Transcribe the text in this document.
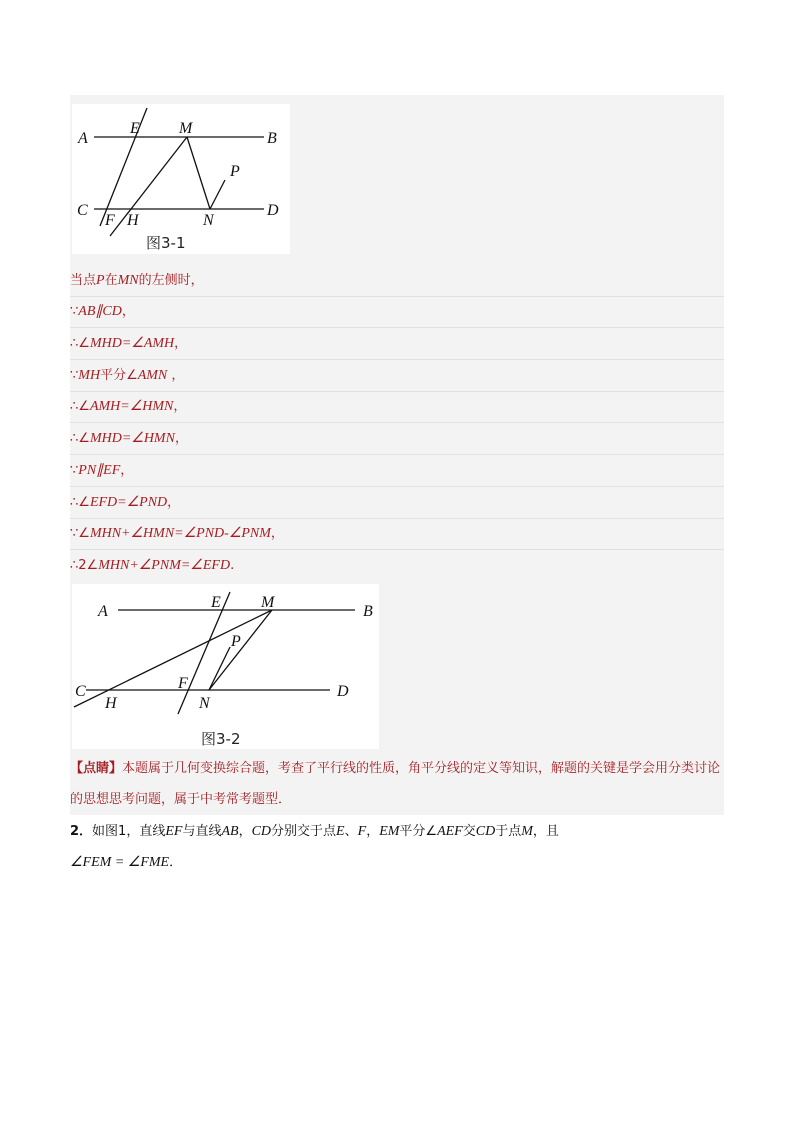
A
E M
B
P
C
F H	N
D
图3-1
当点P在MN的左侧时，
∵AB∥CD，
∴∠MHD=∠AMH，
∵MH平分∠AMN ，
∴∠AMH=∠HMN，
∴∠MHD=∠HMN，
∵PN∥EF，
∴∠EFD=∠PND，
∵∠MHN+∠HMN=∠PND-∠PNM，
∴2∠MHN+∠PNM=∠EFD.
A
E	M
B
P
C	F	D
H	N
图3-2
【点睛】本题属于几何变换综合题，考查了平行线的性质，角平分线的定义等知识，解题的关键是学会用分类讨论的思想思考问题，属于中考常考题型．
2．如图1，直线EF与直线AB，CD分别交于点E、F，EM平分∠AEF交CD于点M，且
∠FEM = ∠FME．
